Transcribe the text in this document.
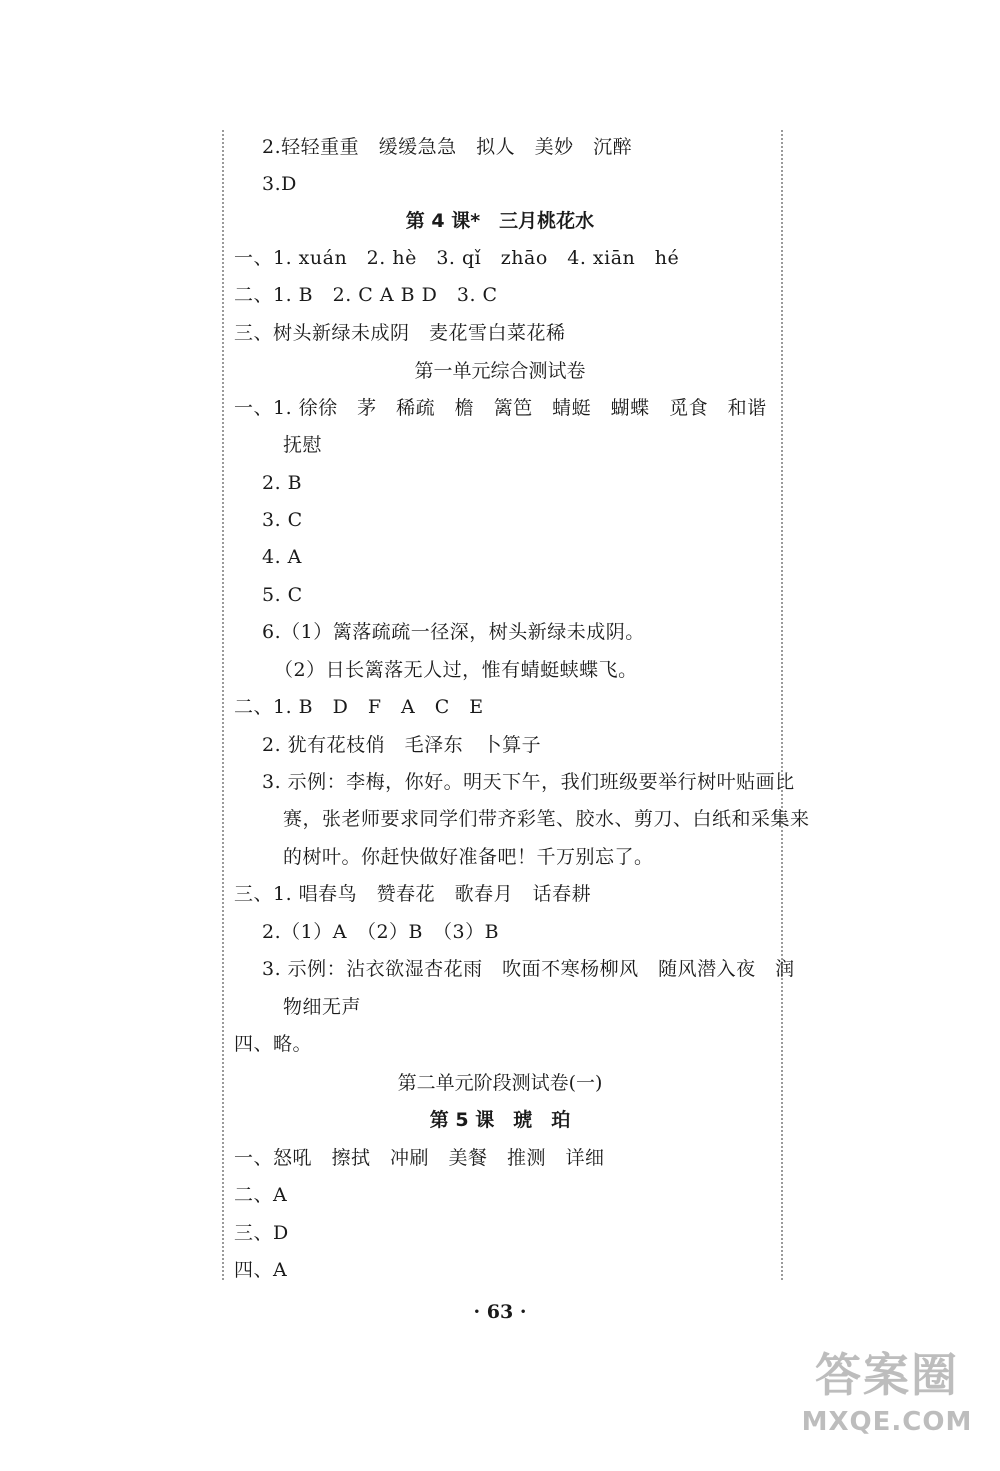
2.轻轻重重　缓缓急急　拟人　美妙　沉醉
3.D
第 4 课*　三月桃花水
一、1. xuán　2. hè　3. qǐ　zhāo　4. xiān　hé
二、1. B　2. C A B D　3. C
三、树头新绿未成阴　麦花雪白菜花稀
第一单元综合测试卷
一、1. 徐徐　茅　稀疏　檐　篱笆　蜻蜓　蝴蝶　觅食　和谐
抚慰
2. B
3. C
4. A
5. C
6.（1）篱落疏疏一径深，树头新绿未成阴。
（2）日长篱落无人过，惟有蜻蜓蛱蝶飞。
二、1. B　D　F　A　C　E
2. 犹有花枝俏　毛泽东　卜算子
3. 示例：李梅，你好。明天下午，我们班级要举行树叶贴画比
赛，张老师要求同学们带齐彩笔、胶水、剪刀、白纸和采集来
的树叶。你赶快做好准备吧！千万别忘了。
三、1. 唱春鸟　赞春花　歌春月　话春耕
2.（1）A　（2）B　（3）B
3. 示例：沾衣欲湿杏花雨　吹面不寒杨柳风　随风潜入夜　润
物细无声
四、略。
第二单元阶段测试卷(一)
第 5 课　琥　珀
一、怒吼　擦拭　冲刷　美餐　推测　详细
二、A
三、D
四、A
· 63 ·
答案圈
MXQE.COM
